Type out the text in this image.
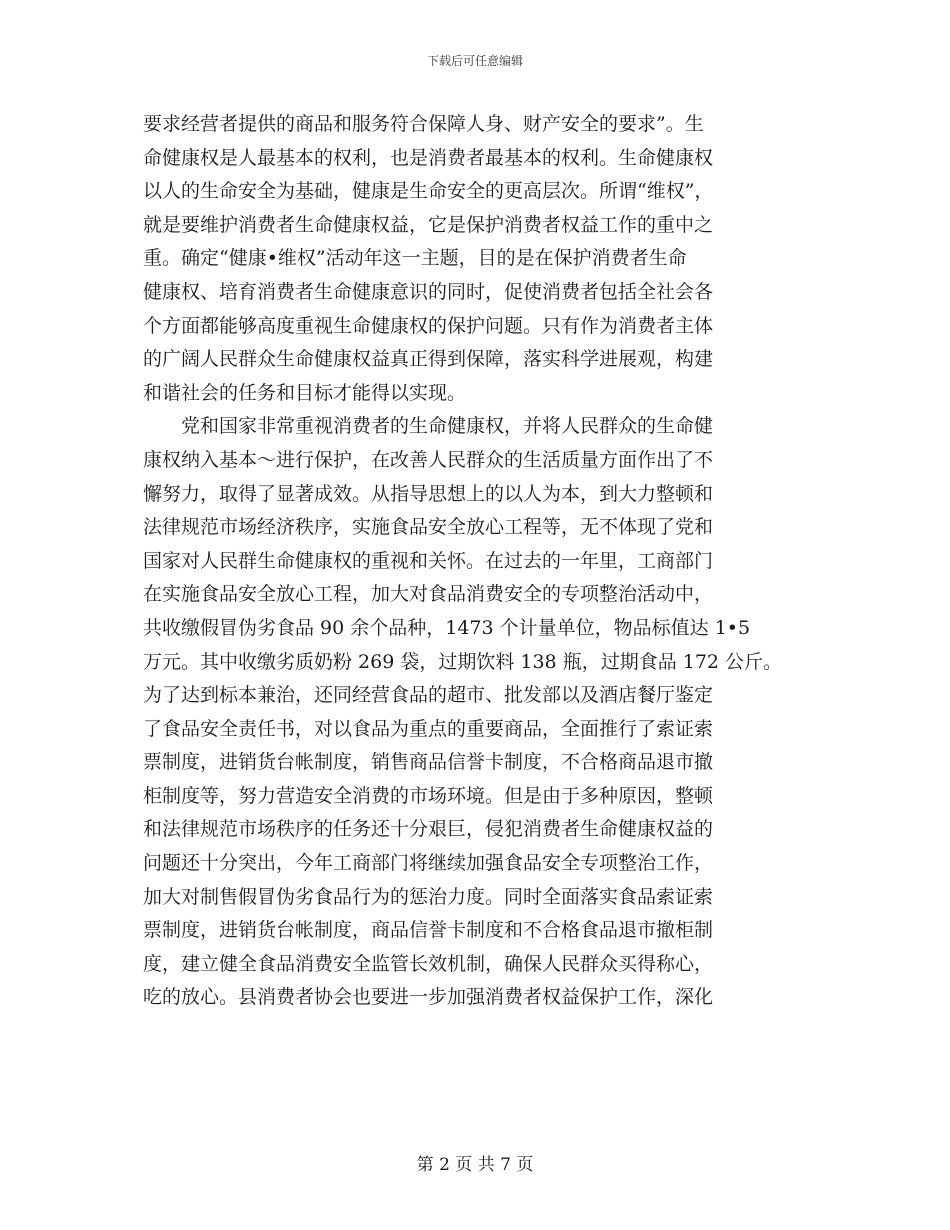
下载后可任意编辑
要求经营者提供的商品和服务符合保障人身、财产安全的要求”。生
命健康权是人最基本的权利，也是消费者最基本的权利。生命健康权
以人的生命安全为基础，健康是生命安全的更高层次。所谓“维权”，
就是要维护消费者生命健康权益，它是保护消费者权益工作的重中之
重。确定“健康•维权”活动年这一主题，目的是在保护消费者生命
健康权、培育消费者生命健康意识的同时，促使消费者包括全社会各
个方面都能够高度重视生命健康权的保护问题。只有作为消费者主体
的广阔人民群众生命健康权益真正得到保障，落实科学进展观，构建
和谐社会的任务和目标才能得以实现。
　　党和国家非常重视消费者的生命健康权，并将人民群众的生命健
康权纳入基本～进行保护，在改善人民群众的生活质量方面作出了不
懈努力，取得了显著成效。从指导思想上的以人为本，到大力整顿和
法律规范市场经济秩序，实施食品安全放心工程等，无不体现了党和
国家对人民群生命健康权的重视和关怀。在过去的一年里，工商部门
在实施食品安全放心工程，加大对食品消费安全的专项整治活动中，
共收缴假冒伪劣食品 90 余个品种，1473 个计量单位，物品标值达 1•5
万元。其中收缴劣质奶粉 269 袋，过期饮料 138 瓶，过期食品 172 公斤。
为了达到标本兼治，还同经营食品的超市、批发部以及酒店餐厅鉴定
了食品安全责任书，对以食品为重点的重要商品，全面推行了索证索
票制度，进销货台帐制度，销售商品信誉卡制度，不合格商品退市撤
柜制度等，努力营造安全消费的市场环境。但是由于多种原因，整顿
和法律规范市场秩序的任务还十分艰巨，侵犯消费者生命健康权益的
问题还十分突出，今年工商部门将继续加强食品安全专项整治工作，
加大对制售假冒伪劣食品行为的惩治力度。同时全面落实食品索证索
票制度，进销货台帐制度，商品信誉卡制度和不合格食品退市撤柜制
度，建立健全食品消费安全监管长效机制，确保人民群众买得称心，
吃的放心。县消费者协会也要进一步加强消费者权益保护工作，深化
第 2 页 共 7 页
